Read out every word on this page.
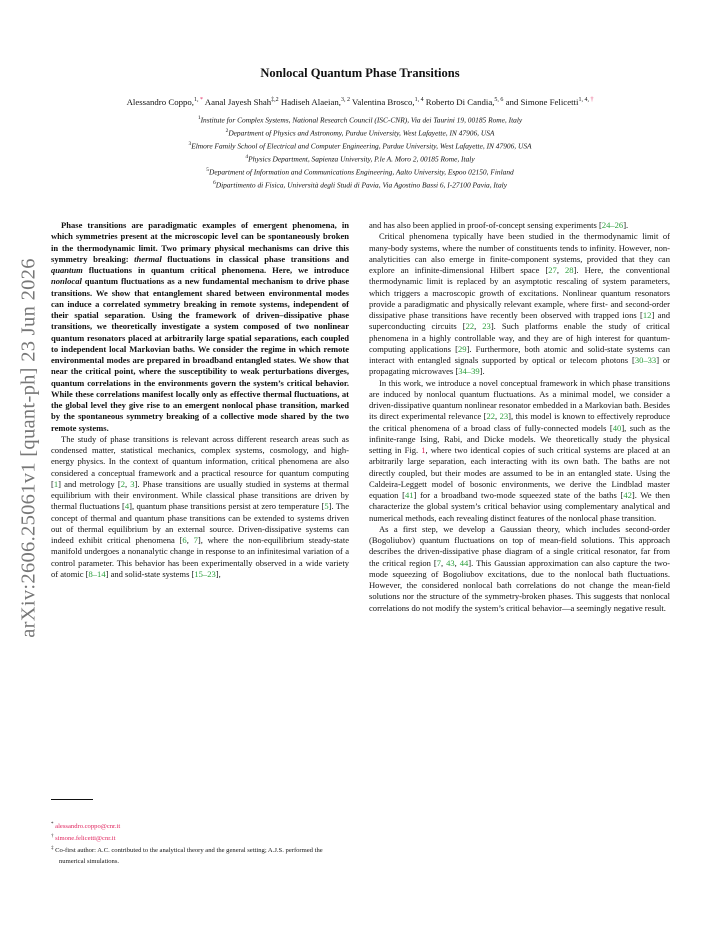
arXiv:2606.25061v1 [quant-ph] 23 Jun 2026
Nonlocal Quantum Phase Transitions
Alessandro Coppo,$^{1, *}$ Aanal Jayesh Shah$^{\ddagger,2}$ Hadiseh Alaeian,$^{3, 2}$ Valentina Brosco,$^{1, 4}$ Roberto Di Candia,$^{5, 6}$ and Simone Felicetti$^{1, 4, \dagger}$
$^1$Institute for Complex Systems, National Research Council (ISC-CNR), Via dei Taurini 19, 00185 Rome, Italy
$^2$Department of Physics and Astronomy, Purdue University, West Lafayette, IN 47906, USA
$^3$Elmore Family School of Electrical and Computer Engineering, Purdue University, West Lafayette, IN 47906, USA
$^4$Physics Department, Sapienza University, P.le A. Moro 2, 00185 Rome, Italy
$^5$Department of Information and Communications Engineering, Aalto University, Espoo 02150, Finland
$^6$Dipartimento di Fisica, Università degli Studi di Pavia, Via Agostino Bassi 6, I-27100 Pavia, Italy

Phase transitions are paradigmatic examples of emergent phenomena, in which symmetries present at the microscopic level can be spontaneously broken in the thermodynamic limit. Two primary physical mechanisms can drive this symmetry breaking: thermal fluctuations in classical phase transitions and quantum fluctuations in quantum critical phenomena. Here, we introduce nonlocal quantum fluctuations as a new fundamental mechanism to drive phase transitions. We show that entanglement shared between environmental modes can induce a correlated symmetry breaking in remote systems, independent of their spatial separation. Using the framework of driven–dissipative phase transitions, we theoretically investigate a system composed of two nonlinear quantum resonators placed at arbitrarily large spatial separations, each coupled to independent local Markovian baths. We consider the regime in which remote environmental modes are prepared in broadband entangled states. We show that near the critical point, where the susceptibility to weak perturbations diverges, quantum correlations in the environments govern the system’s critical behavior. While these correlations manifest locally only as effective thermal fluctuations, at the global level they give rise to an emergent nonlocal phase transition, marked by the spontaneous symmetry breaking of a collective mode shared by the two remote systems.

The study of phase transitions is relevant across different research areas such as condensed matter, statistical mechanics, complex systems, cosmology, and high-energy physics. In the context of quantum information, critical phenomena are also considered a conceptual framework and a practical resource for quantum computing [1] and metrology [2, 3]. Phase transitions are usually studied in systems at thermal equilibrium with their environment. While classical phase transitions are driven by thermal fluctuations [4], quantum phase transitions persist at zero temperature [5]. The concept of thermal and quantum phase transitions can be extended to systems driven out of thermal equilibrium by an external source. Driven-dissipative systems can indeed exhibit critical phenomena [6, 7], where the non-equilibrium steady-state manifold undergoes a nonanalytic change in response to an infinitesimal variation of a control parameter. This behavior has been experimentally observed in a wide variety of atomic [8–14] and solid-state systems [15–23],

and has also been applied in proof-of-concept sensing experiments [24–26].

Critical phenomena typically have been studied in the thermodynamic limit of many-body systems, where the number of constituents tends to infinity. However, non-analyticities can also emerge in finite-component systems, provided that they can explore an infinite-dimensional Hilbert space [27, 28]. Here, the conventional thermodynamic limit is replaced by an asymptotic rescaling of system parameters, which triggers a macroscopic growth of excitations. Nonlinear quantum resonators provide a paradigmatic and physically relevant example, where first- and second-order dissipative phase transitions have recently been observed with trapped ions [12] and superconducting circuits [22, 23]. Such platforms enable the study of critical phenomena in a highly controllable way, and they are of high interest for quantum-computing applications [29]. Furthermore, both atomic and solid-state systems can interact with entangled signals supported by optical or telecom photons [30–33] or propagating microwaves [34–39].

In this work, we introduce a novel conceptual framework in which phase transitions are induced by nonlocal quantum fluctuations. As a minimal model, we consider a driven-dissipative quantum nonlinear resonator embedded in a Markovian bath. Besides its direct experimental relevance [22, 23], this model is known to effectively reproduce the critical phenomena of a broad class of fully-connected models [40], such as the infinite-range Ising, Rabi, and Dicke models. We theoretically study the physical setting in Fig. 1, where two identical copies of such critical systems are placed at an arbitrarily large separation, each interacting with its own bath. The baths are not directly coupled, but their modes are assumed to be in an entangled state. Using the Caldeira-Leggett model of bosonic environments, we derive the Lindblad master equation [41] for a broadband two-mode squeezed state of the baths [42]. We then characterize the global system’s critical behavior using complementary analytical and numerical methods, each revealing distinct features of the nonlocal phase transition.

As a first step, we develop a Gaussian theory, which includes second-order (Bogoliubov) quantum fluctuations on top of mean-field solutions. This approach describes the driven-dissipative phase diagram of a single critical resonator, far from the critical region [7, 43, 44]. This Gaussian approximation can also capture the two-mode squeezing of Bogoliubov excitations, due to the nonlocal bath fluctuations. However, the considered nonlocal bath correlations do not change the mean-field solutions nor the structure of the symmetry-broken phases. This suggests that nonlocal correlations do not modify the system’s critical behavior—a seemingly negative result.

* alessandro.coppo@cnr.it
† simone.felicetti@cnr.it
‡ Co-first author: A.C. contributed to the analytical theory and the general setting; A.J.S. performed the numerical simulations.
